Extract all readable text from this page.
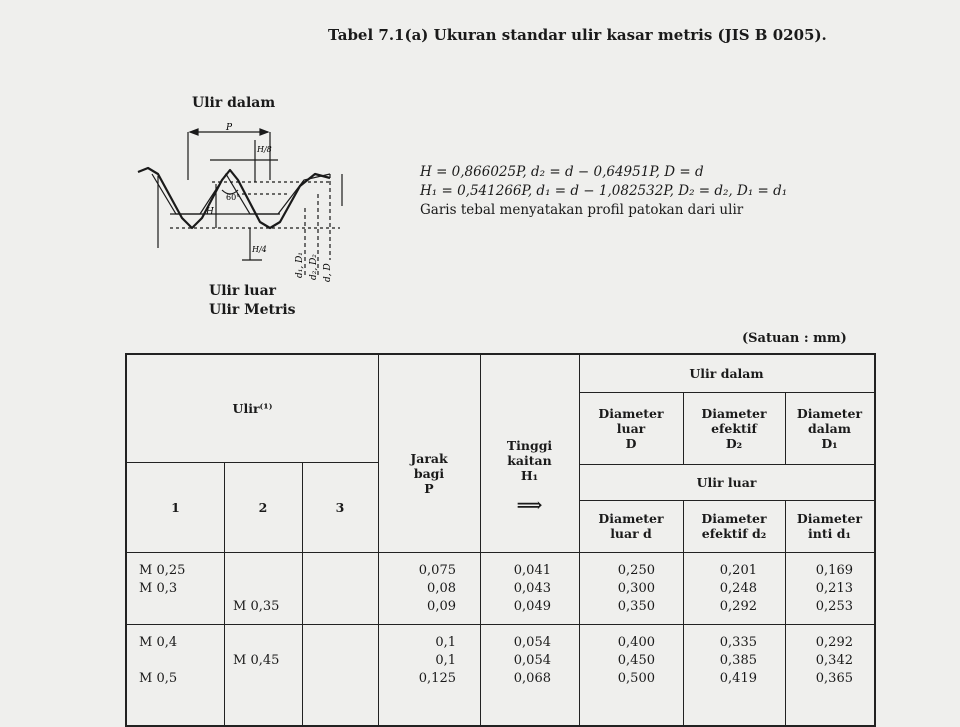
Tabel 7.1(a) Ukuran standar ulir kasar metris (JIS B 0205).
Ulir dalam
P
H/8
H
60°
H/4
d₁, D₁ d₂, D₂ d, D
Ulir luar
Ulir Metris
H = 0,866025P, d₂ = d − 0,64951P, D = d
H₁ = 0,541266P, d₁ = d − 1,082532P, D₂ = d₂, D₁ = d₁
Garis tebal menyatakan profil patokan dari ulir
(Satuan : mm)
Ulir⁽¹⁾
1	2	3
Jarak
bagi
P
Tinggi
kaitan
H₁
⟹
Ulir dalam
Ulir luar
Diameter
luar
D
Diameter
efektif
D₂
Diameter
dalam
D₁
Diameter
luar d
Diameter
efektif d₂
Diameter
inti d₁
M 0,25
M 0,3

M 0,35
0,075
0,08
0,09
0,041
0,043
0,049
0,250
0,300
0,350
0,201
0,248
0,292
0,169
0,213
0,253
M 0,4

M 0,5

M 0,45

0,1
0,1
0,125
0,054
0,054
0,068
0,400
0,450
0,500
0,335
0,385
0,419
0,292
0,342
0,365
